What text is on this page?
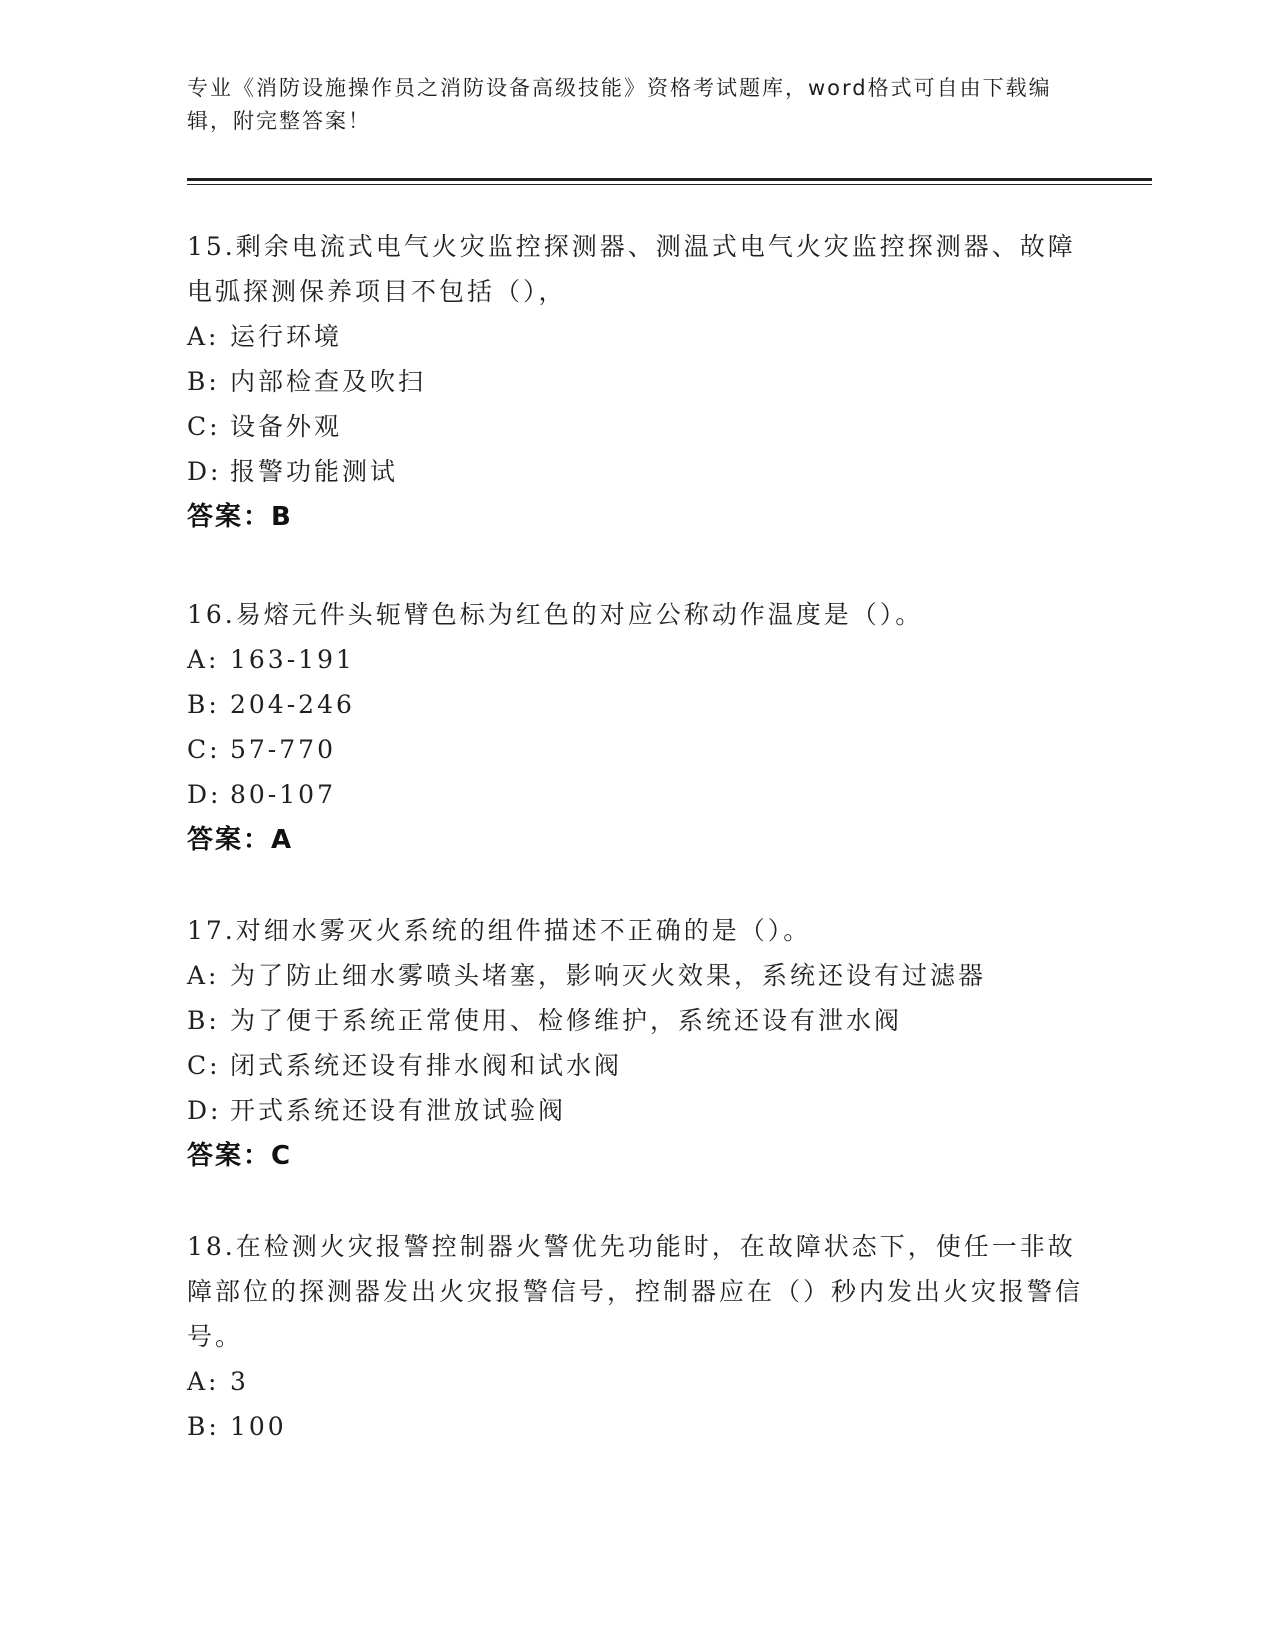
专业《消防设施操作员之消防设备高级技能》资格考试题库，word格式可自由下载编辑，附完整答案！
15.剩余电流式电气火灾监控探测器、测温式电气火灾监控探测器、故障电弧探测保养项目不包括（），
A: 运行环境
B: 内部检查及吹扫
C: 设备外观
D: 报警功能测试
答案：B
16.易熔元件头轭臂色标为红色的对应公称动作温度是（）。
A: 163-191
B: 204-246
C: 57-770
D: 80-107
答案：A
17.对细水雾灭火系统的组件描述不正确的是（）。
A: 为了防止细水雾喷头堵塞，影响灭火效果，系统还设有过滤器
B: 为了便于系统正常使用、检修维护，系统还设有泄水阀
C: 闭式系统还设有排水阀和试水阀
D: 开式系统还设有泄放试验阀
答案：C
18.在检测火灾报警控制器火警优先功能时，在故障状态下，使任一非故障部位的探测器发出火灾报警信号，控制器应在（）秒内发出火灾报警信号。
A: 3
B: 100
